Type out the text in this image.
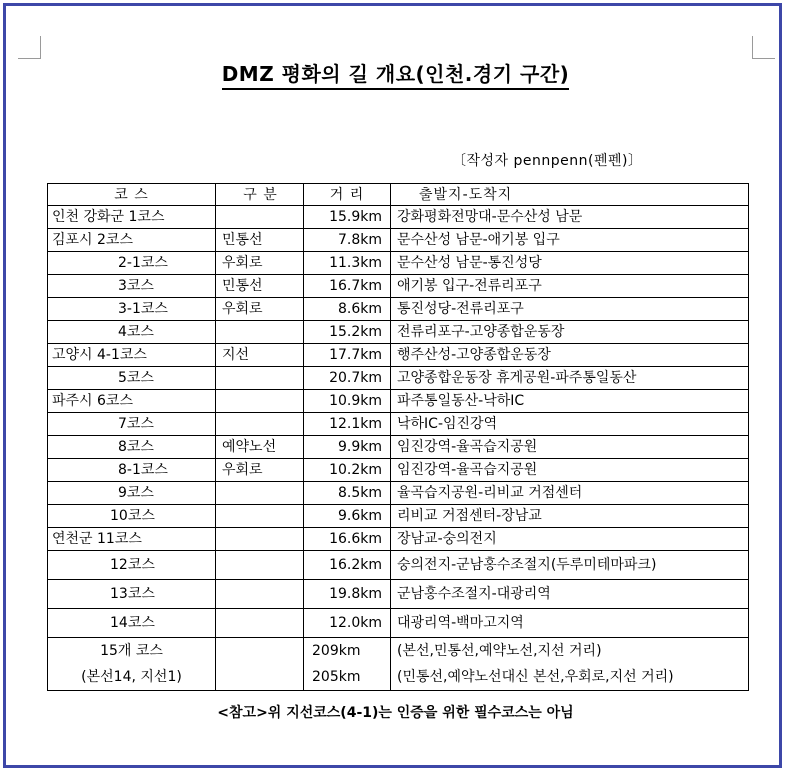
DMZ 평화의 길 개요(인천.경기 구간)
〔작성자 pennpenn(펜펜)〕
코 스	구 분	거 리	출발지-도착지
인천 강화군 1코스		15.9km	강화평화전망대-문수산성 남문
김포시 2코스	민통선	7.8km	문수산성 남문-애기봉 입구
2-1코스	우회로	11.3km	문수산성 남문-통진성당
3코스	민통선	16.7km	애기봉 입구-전류리포구
3-1코스	우회로	8.6km	통진성당-전류리포구
4코스		15.2km	전류리포구-고양종합운동장
고양시 4-1코스	지선	17.7km	행주산성-고양종합운동장
5코스		20.7km	고양종합운동장 휴게공원-파주통일동산
파주시 6코스		10.9km	파주통일동산-낙하IC
7코스		12.1km	낙하IC-임진강역
8코스	예약노선	9.9km	임진강역-율곡습지공원
8-1코스	우회로	10.2km	임진강역-율곡습지공원
9코스		8.5km	율곡습지공원-리비교 거점센터
10코스		9.6km	리비교 거점센터-장남교
연천군 11코스		16.6km	장남교-숭의전지
12코스		16.2km	숭의전지-군남홍수조절지(두루미테마파크)
13코스		19.8km	군남홍수조절지-대광리역
14코스		12.0km	대광리역-백마고지역
15개 코스		209km	(본선,민통선,예약노선,지선 거리)
(본선14, 지선1)		205km	(민통선,예약노선대신 본선,우회로,지선 거리)
<참고>위 지선코스(4-1)는 인증을 위한 필수코스는 아님
